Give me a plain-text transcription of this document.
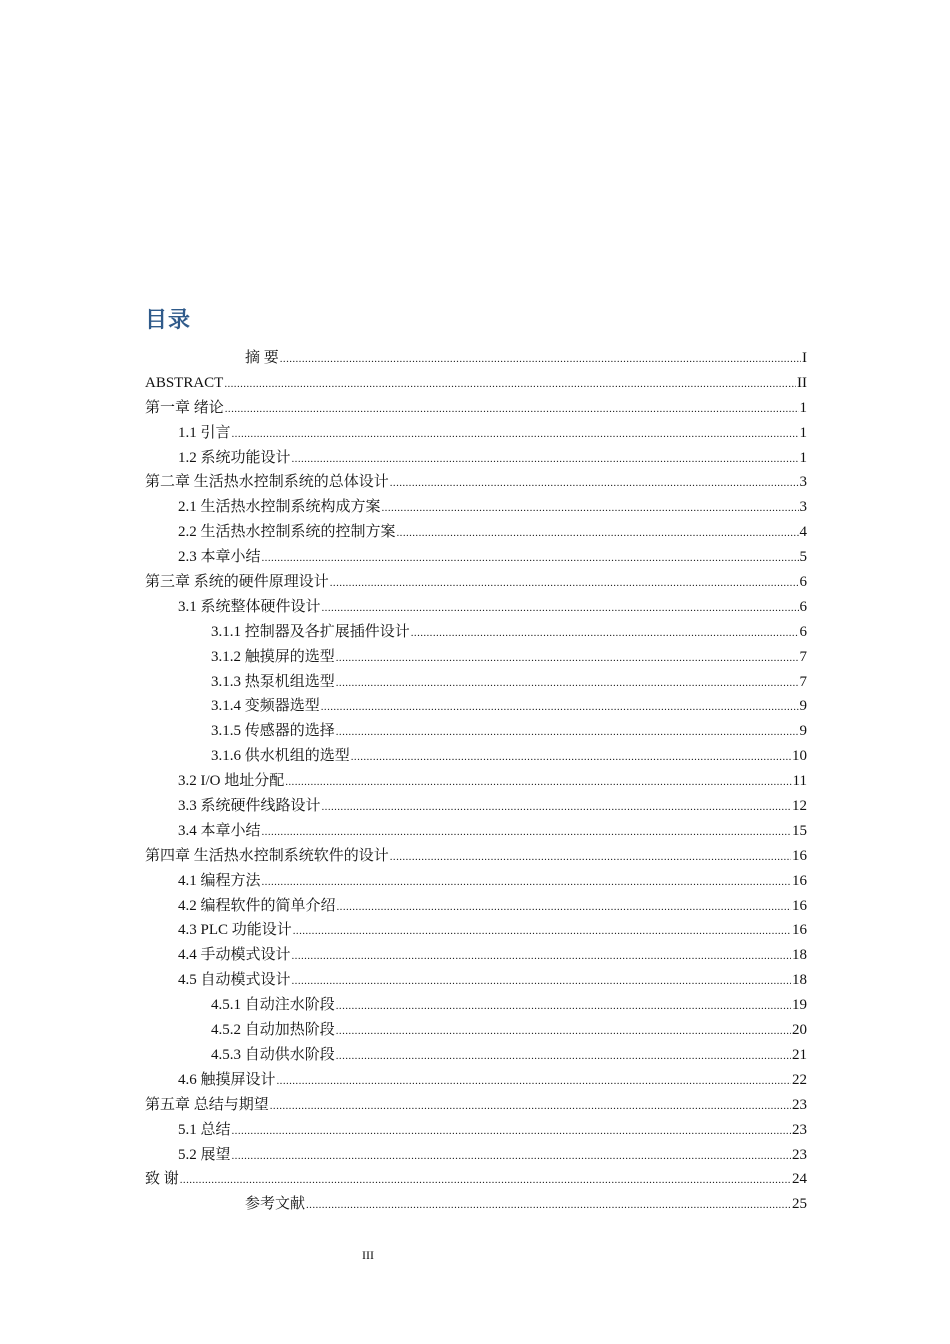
目录
摘 要 .....	I
ABSTRACT .....	II
第一章 绪论 .....	1
1.1 引言 .....	1
1.2 系统功能设计 .....	1
第二章 生活热水控制系统的总体设计 .....	3
2.1 生活热水控制系统构成方案 .....	3
2.2 生活热水控制系统的控制方案 .....	4
2.3 本章小结 .....	5
第三章 系统的硬件原理设计 .....	6
3.1 系统整体硬件设计 .....	6
3.1.1 控制器及各扩展插件设计 .....	6
3.1.2 触摸屏的选型 .....	7
3.1.3 热泵机组选型 .....	7
3.1.4 变频器选型 .....	9
3.1.5 传感器的选择 .....	9
3.1.6 供水机组的选型 .....	10
3.2 I/O 地址分配 .....	11
3.3 系统硬件线路设计 .....	12
3.4 本章小结 .....	15
第四章 生活热水控制系统软件的设计 .....	16
4.1 编程方法 .....	16
4.2 编程软件的简单介绍 .....	16
4.3 PLC 功能设计 .....	16
4.4 手动模式设计 .....	18
4.5 自动模式设计 .....	18
4.5.1 自动注水阶段 .....	19
4.5.2 自动加热阶段 .....	20
4.5.3 自动供水阶段 .....	21
4.6 触摸屏设计 .....	22
第五章 总结与期望 .....	23
5.1 总结 .....	23
5.2 展望 .....	23
致 谢 .....	24
参考文献 .....	25
III
